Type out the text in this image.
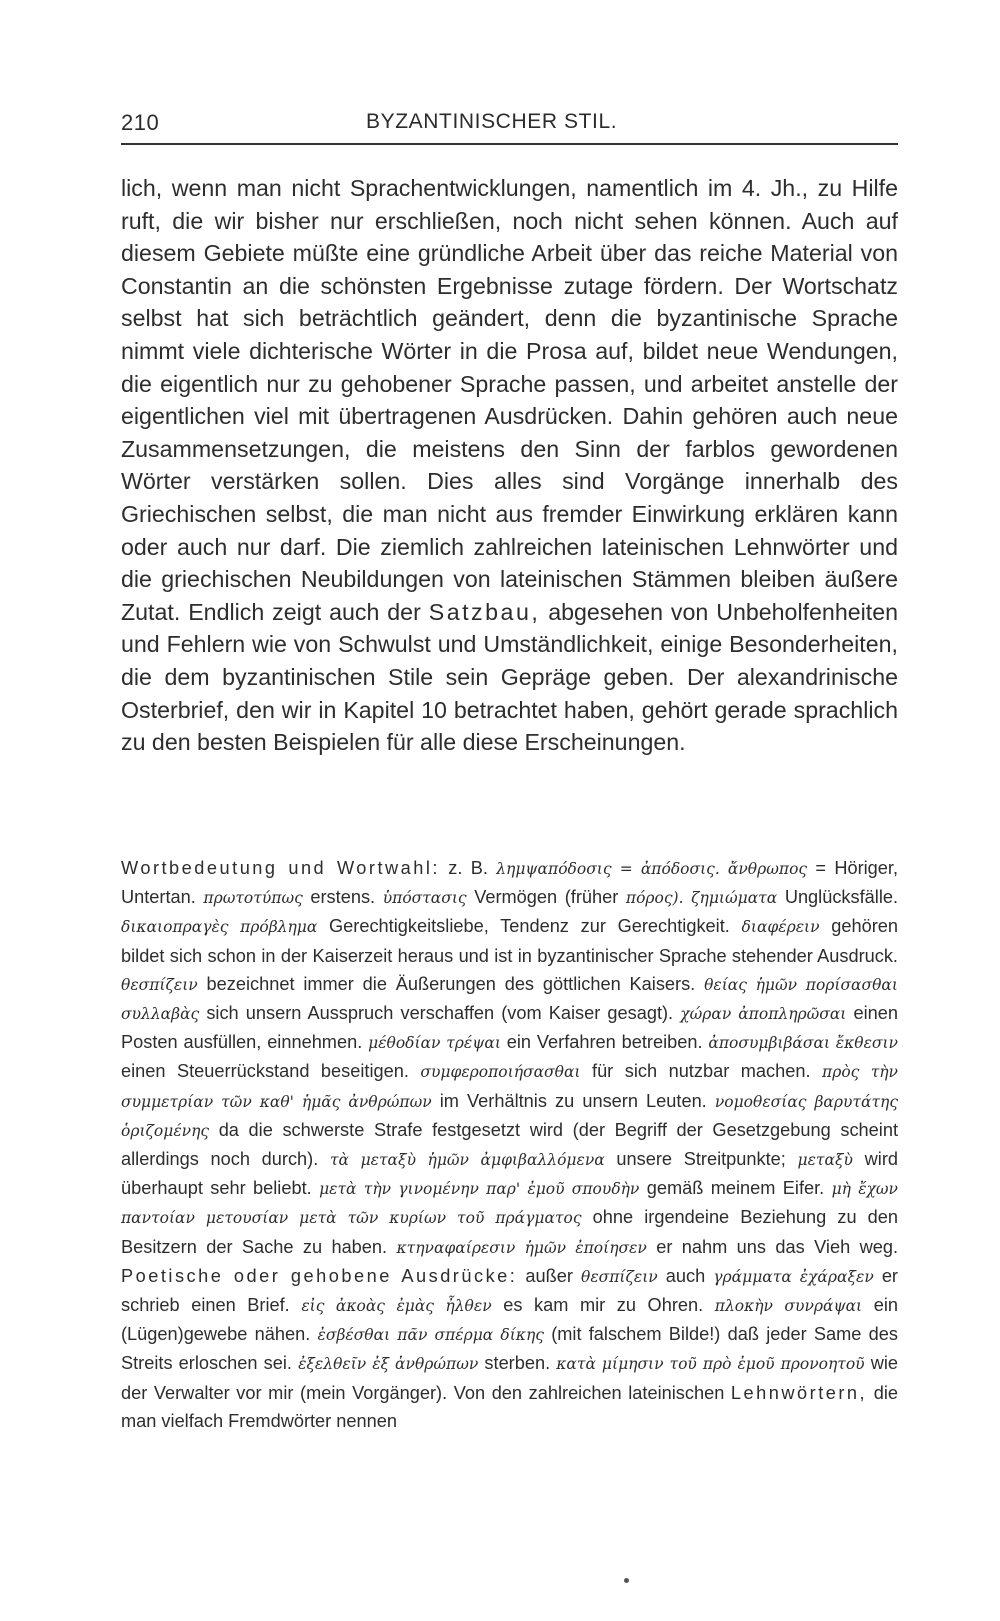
210	BYZANTINISCHER STIL.

lich, wenn man nicht Sprachentwicklungen, namentlich im 4. Jh., zu Hilfe ruft, die wir bisher nur erschließen, noch nicht sehen können. Auch auf diesem Gebiete müßte eine gründliche Arbeit über das reiche Material von Constantin an die schönsten Ergebnisse zutage fördern. Der Wortschatz selbst hat sich beträchtlich geändert, denn die byzantinische Sprache nimmt viele dichterische Wörter in die Prosa auf, bildet neue Wendungen, die eigentlich nur zu gehobener Sprache passen, und arbeitet anstelle der eigentlichen viel mit übertragenen Ausdrücken. Dahin gehören auch neue Zusammensetzungen, die meistens den Sinn der farblos gewordenen Wörter verstärken sollen. Dies alles sind Vorgänge innerhalb des Griechischen selbst, die man nicht aus fremder Einwirkung erklären kann oder auch nur darf. Die ziemlich zahlreichen lateinischen Lehnwörter und die griechischen Neubildungen von lateinischen Stämmen bleiben äußere Zutat. Endlich zeigt auch der Satzbau, abgesehen von Unbeholfenheiten und Fehlern wie von Schwulst und Umständlichkeit, einige Besonderheiten, die dem byzantinischen Stile sein Gepräge geben. Der alexandrinische Osterbrief, den wir in Kapitel 10 betrachtet haben, gehört gerade sprachlich zu den besten Beispielen für alle diese Erscheinungen.

Wortbedeutung und Wortwahl: z. B. λημψαπόδοσις = ἀπόδοσις. ἄνθρωπος = Höriger, Untertan. πρωτοτύπως erstens. ὑπόστασις Vermögen (früher πόρος). ζημιώματα Unglücksfälle. δικαιοπραγὲς πρόβλημα Gerechtigkeitsliebe, Tendenz zur Gerechtigkeit. διαφέρειν gehören bildet sich schon in der Kaiserzeit heraus und ist in byzantinischer Sprache stehender Ausdruck. θεσπίζειν bezeichnet immer die Äußerungen des göttlichen Kaisers. θείας ἡμῶν πορίσασθαι συλλαβὰς sich unsern Ausspruch verschaffen (vom Kaiser gesagt). χώραν ἀποπληρῶσαι einen Posten ausfüllen, einnehmen. μέθοδίαν τρέψαι ein Verfahren betreiben. ἀποσυμβιβάσαι ἔκθεσιν einen Steuerrückstand beseitigen. συμφεροποιήσασθαι für sich nutzbar machen. πρὸς τὴν συμμετρίαν τῶν καθ' ἡμᾶς ἀνθρώπων im Verhältnis zu unsern Leuten. νομοθεσίας βαρυτάτης ὁριζομένης da die schwerste Strafe festgesetzt wird (der Begriff der Gesetzgebung scheint allerdings noch durch). τὰ μεταξὺ ἡμῶν ἀμφιβαλλόμενα unsere Streitpunkte; μεταξὺ wird überhaupt sehr beliebt. μετὰ τὴν γινομένην παρ' ἐμοῦ σπουδὴν gemäß meinem Eifer. μὴ ἔχων παντοίαν μετουσίαν μετὰ τῶν κυρίων τοῦ πράγματος ohne irgendeine Beziehung zu den Besitzern der Sache zu haben. κτηναφαίρεσιν ἡμῶν ἐποίησεν er nahm uns das Vieh weg. Poetische oder gehobene Ausdrücke: außer θεσπίζειν auch γράμματα ἐχάραξεν er schrieb einen Brief. εἰς ἀκοὰς ἐμὰς ἦλθεν es kam mir zu Ohren. πλοκὴν συνράψαι ein (Lügen)gewebe nähen. ἐσβέσθαι πᾶν σπέρμα δίκης (mit falschem Bilde!) daß jeder Same des Streits erloschen sei. ἐξελθεῖν ἐξ ἀνθρώπων sterben. κατὰ μίμησιν τοῦ πρὸ ἐμοῦ προνοητοῦ wie der Verwalter vor mir (mein Vorgänger). Von den zahlreichen lateinischen Lehnwörtern, die man vielfach Fremdwörter nennen
